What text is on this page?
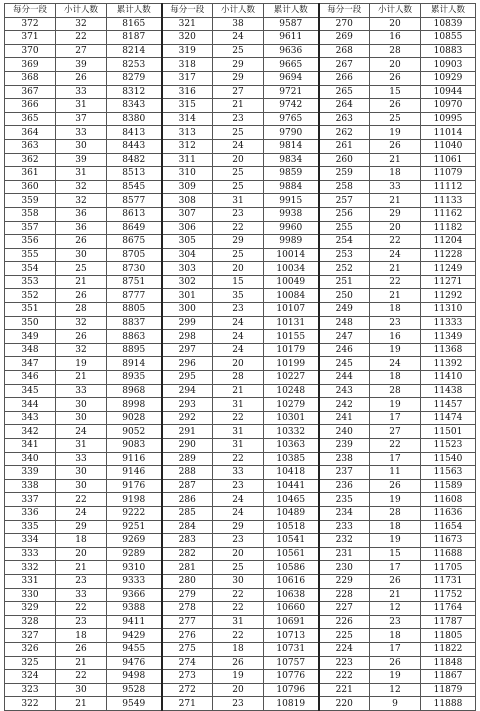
每分一段	小计人数	累计人数	每分一段	小计人数	累计人数	每分一段	小计人数	累计人数
372	32	8165	321	38	9587	270	20	10839
371	22	8187	320	24	9611	269	16	10855
370	27	8214	319	25	9636	268	28	10883
369	39	8253	318	29	9665	267	20	10903
368	26	8279	317	29	9694	266	26	10929
367	33	8312	316	27	9721	265	15	10944
366	31	8343	315	21	9742	264	26	10970
365	37	8380	314	23	9765	263	25	10995
364	33	8413	313	25	9790	262	19	11014
363	30	8443	312	24	9814	261	26	11040
362	39	8482	311	20	9834	260	21	11061
361	31	8513	310	25	9859	259	18	11079
360	32	8545	309	25	9884	258	33	11112
359	32	8577	308	31	9915	257	21	11133
358	36	8613	307	23	9938	256	29	11162
357	36	8649	306	22	9960	255	20	11182
356	26	8675	305	29	9989	254	22	11204
355	30	8705	304	25	10014	253	24	11228
354	25	8730	303	20	10034	252	21	11249
353	21	8751	302	15	10049	251	22	11271
352	26	8777	301	35	10084	250	21	11292
351	28	8805	300	23	10107	249	18	11310
350	32	8837	299	24	10131	248	23	11333
349	26	8863	298	24	10155	247	16	11349
348	32	8895	297	24	10179	246	19	11368
347	19	8914	296	20	10199	245	24	11392
346	21	8935	295	28	10227	244	18	11410
345	33	8968	294	21	10248	243	28	11438
344	30	8998	293	31	10279	242	19	11457
343	30	9028	292	22	10301	241	17	11474
342	24	9052	291	31	10332	240	27	11501
341	31	9083	290	31	10363	239	22	11523
340	33	9116	289	22	10385	238	17	11540
339	30	9146	288	33	10418	237	11	11563
338	30	9176	287	23	10441	236	26	11589
337	22	9198	286	24	10465	235	19	11608
336	24	9222	285	24	10489	234	28	11636
335	29	9251	284	29	10518	233	18	11654
334	18	9269	283	23	10541	232	19	11673
333	20	9289	282	20	10561	231	15	11688
332	21	9310	281	25	10586	230	17	11705
331	23	9333	280	30	10616	229	26	11731
330	33	9366	279	22	10638	228	21	11752
329	22	9388	278	22	10660	227	12	11764
328	23	9411	277	31	10691	226	23	11787
327	18	9429	276	22	10713	225	18	11805
326	26	9455	275	18	10731	224	17	11822
325	21	9476	274	26	10757	223	26	11848
324	22	9498	273	19	10776	222	19	11867
323	30	9528	272	20	10796	221	12	11879
322	21	9549	271	23	10819	220	9	11888
